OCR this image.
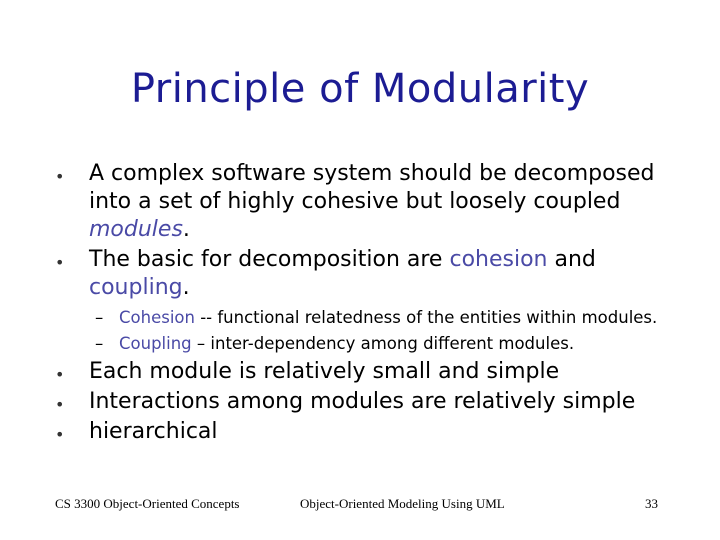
Principle of Modularity
• A complex software system should be decomposed into a set of highly cohesive but loosely coupled modules.
• The basic for decomposition are cohesion and coupling.
– Cohesion -- functional relatedness of the entities within modules.
– Coupling – inter-dependency among different modules.
• Each module is relatively small and simple
• Interactions among modules are relatively simple
• hierarchical
CS 3300 Object-Oriented Concepts	Object-Oriented Modeling Using UML	33
